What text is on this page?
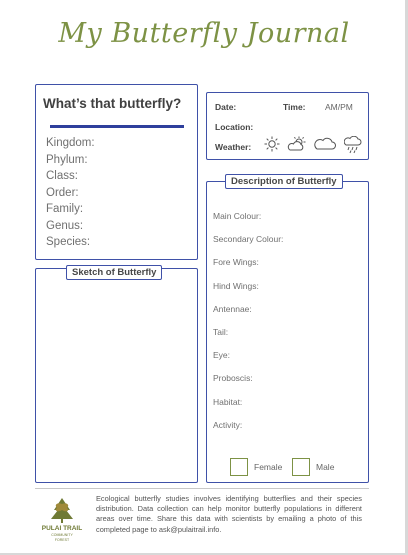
My Butterfly Journal
What’s that butterfly?
Kingdom:
Phylum:
Class:
Order:
Family:
Genus:
Species:
Date:	Time: AM/PM
Location:
Weather:
Sketch of Butterfly
Main Colour:
Secondary Colour:
Fore Wings:
Hind Wings:
Antennae:
Tail:
Eye:
Proboscis:
Habitat:
Activity:
Female	Male
Description of Butterfly
PULAI TRAIL
COMMUNITY
FOREST
Ecological butterfly studies involves identifying butterflies and their species distribution. Data collection can help monitor butterfly populations in different areas over time. Share this data with scientists by emailing a photo of this completed page to ask@pulaitrail.info.
